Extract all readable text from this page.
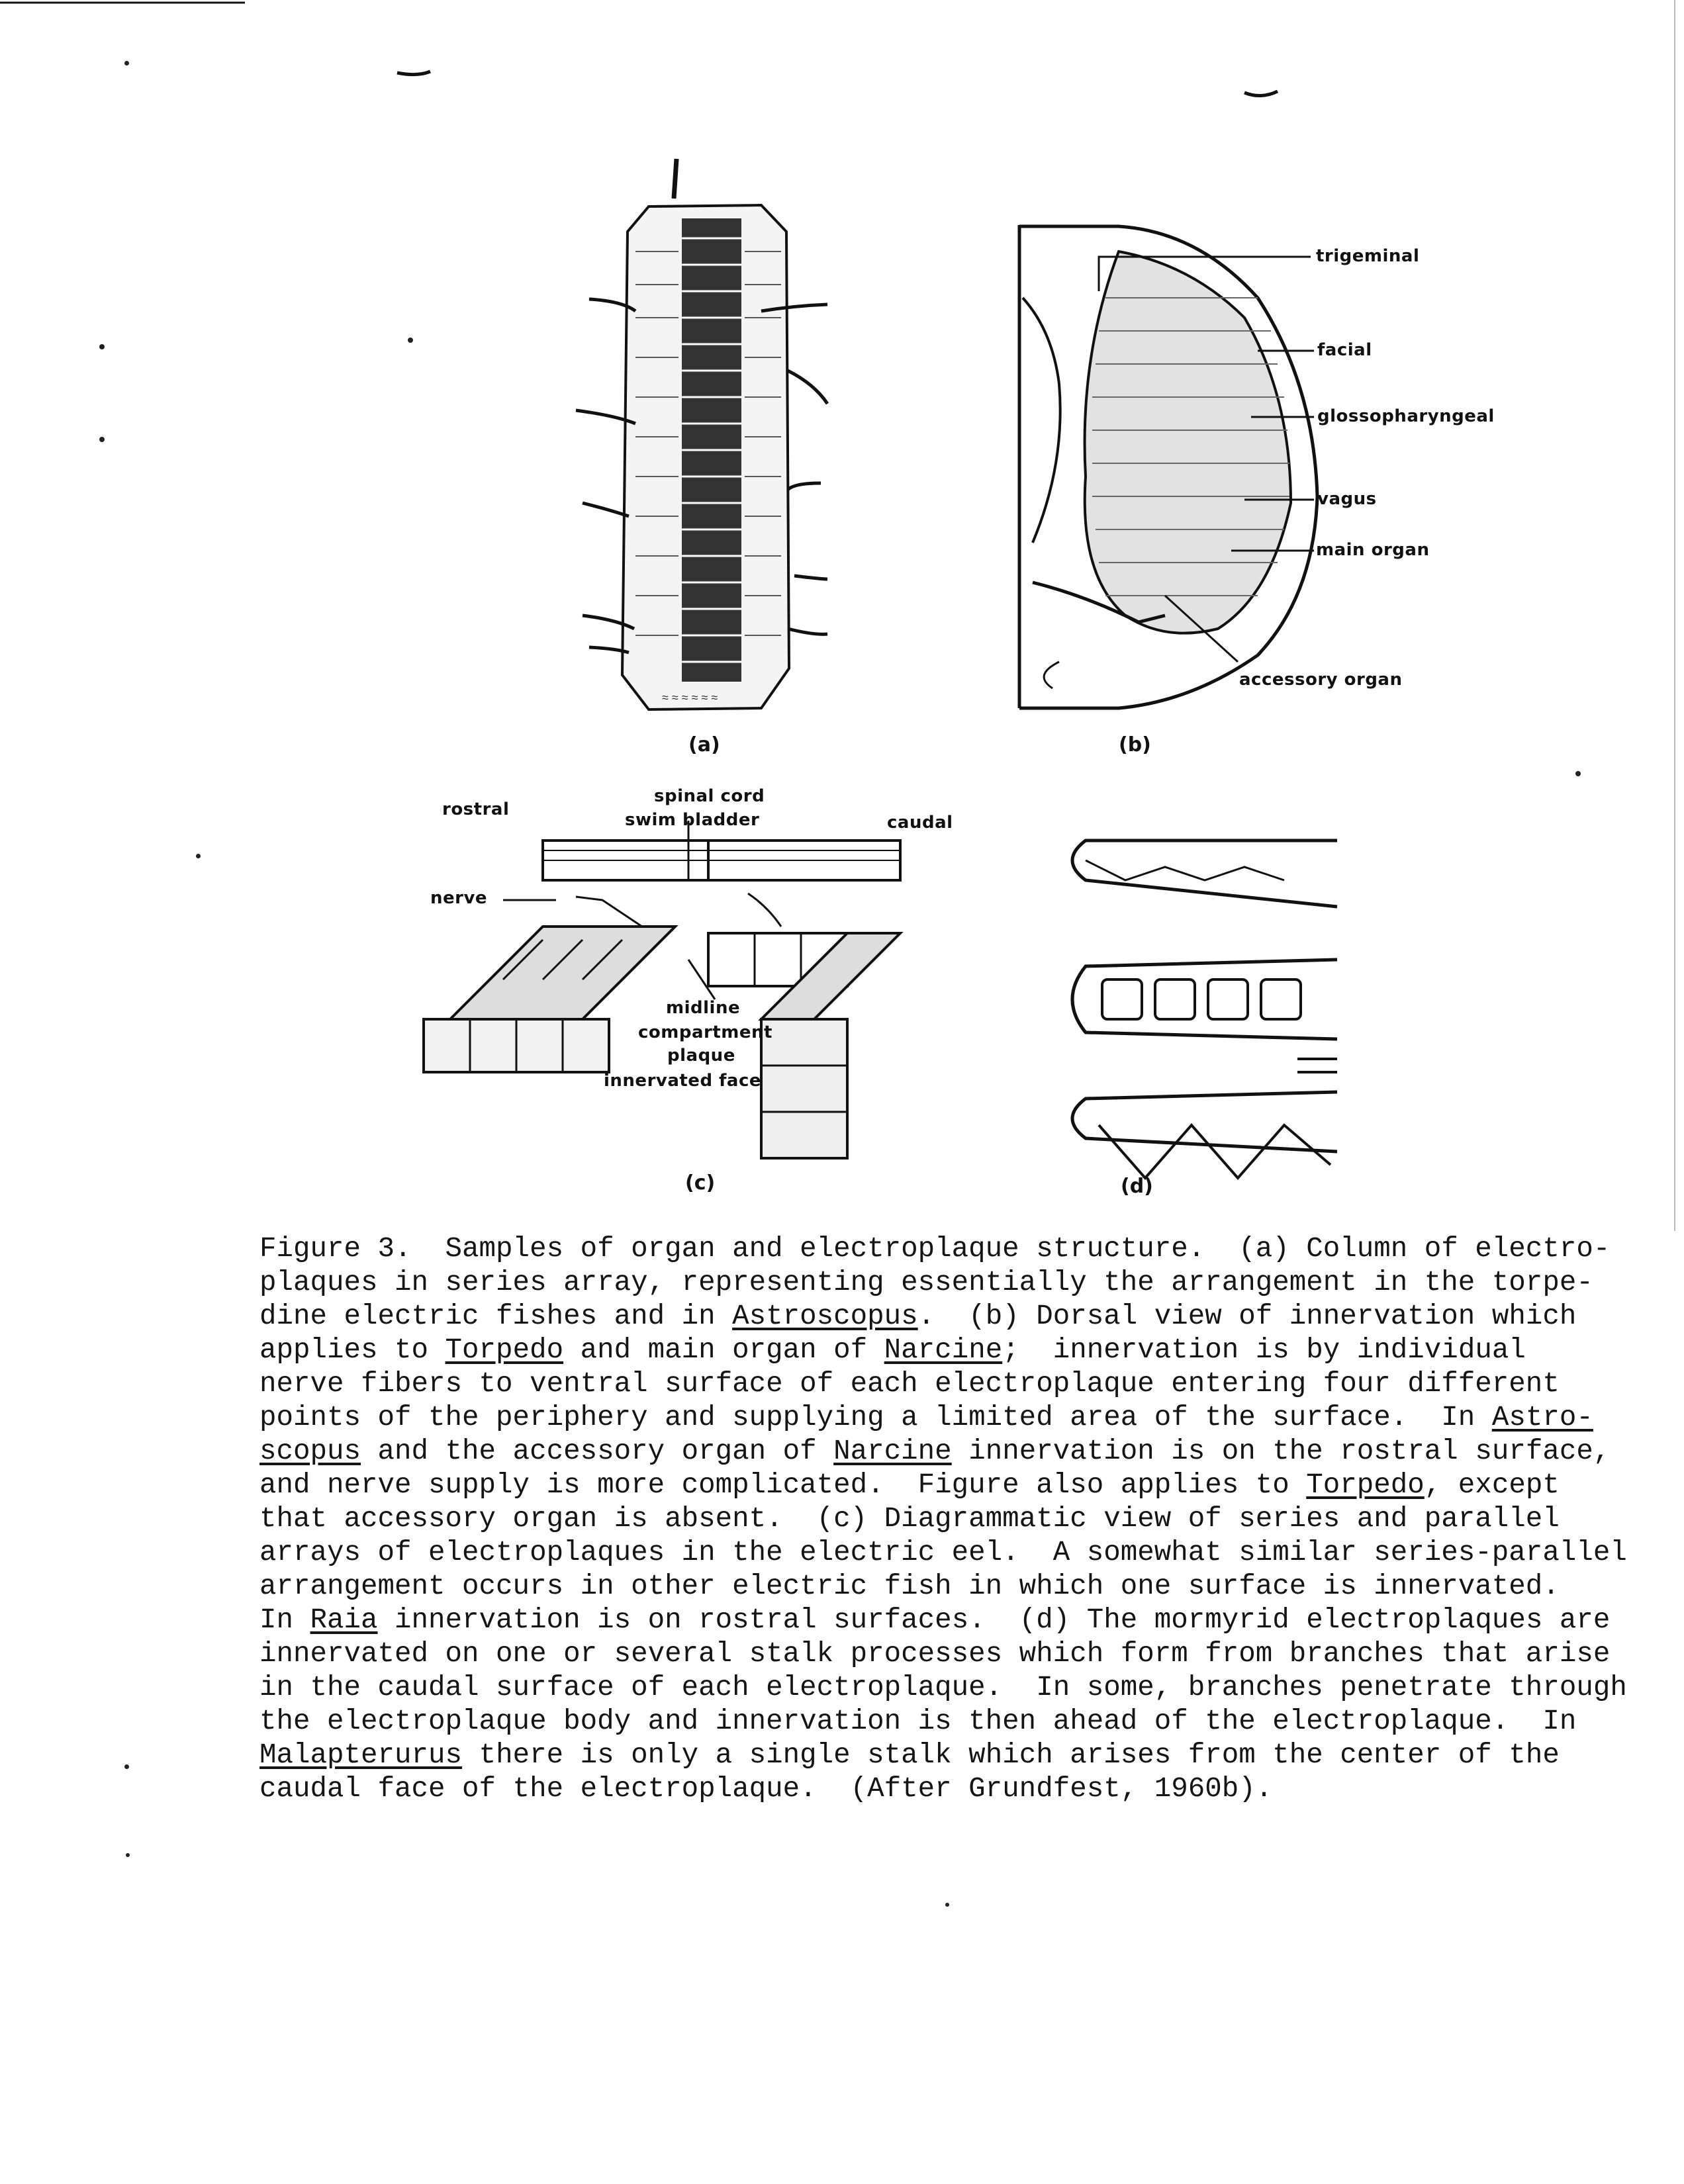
≈ ≈ ≈ ≈ ≈ ≈
(a)	(b)
(c)	(d)
trigeminal
facial
glossopharyngeal
vagus
main organ
accessory organ
rostral
spinal cord
swim bladder	caudal
nerve
midline
compartment
plaque
innervated face
Figure 3.  Samples of organ and electroplaque structure.  (a) Column of electro-
plaques in series array, representing essentially the arrangement in the torpe-
dine electric fishes and in Astroscopus.  (b) Dorsal view of innervation which
applies to Torpedo and main organ of Narcine;  innervation is by individual
nerve fibers to ventral surface of each electroplaque entering four different
points of the periphery and supplying a limited area of the surface.  In Astro-
scopus and the accessory organ of Narcine innervation is on the rostral surface,
and nerve supply is more complicated.  Figure also applies to Torpedo, except
that accessory organ is absent.  (c) Diagrammatic view of series and parallel
arrays of electroplaques in the electric eel.  A somewhat similar series-parallel
arrangement occurs in other electric fish in which one surface is innervated.
In Raia innervation is on rostral surfaces.  (d) The mormyrid electroplaques are
innervated on one or several stalk processes which form from branches that arise
in the caudal surface of each electroplaque.  In some, branches penetrate through
the electroplaque body and innervation is then ahead of the electroplaque.  In
Malapterurus there is only a single stalk which arises from the center of the
caudal face of the electroplaque.  (After Grundfest, 1960b).
